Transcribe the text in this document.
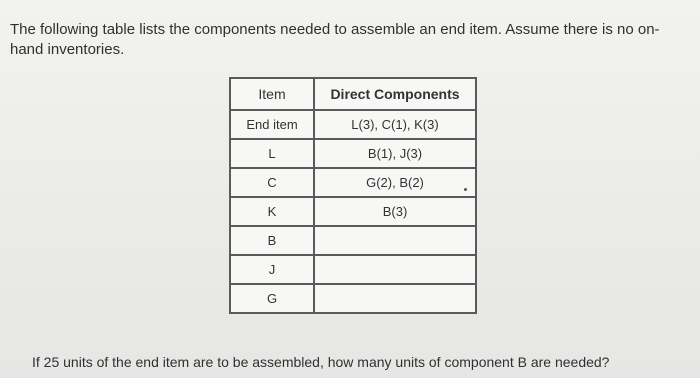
The following table lists the components needed to assemble an end item. Assume there is no on-
hand inventories.
Item	Direct Components
End item	L(3), C(1), K(3)
L	B(1), J(3)
C	G(2), B(2)
K	B(3)
B	
J	
G	
If 25 units of the end item are to be assembled, how many units of component B are needed?
